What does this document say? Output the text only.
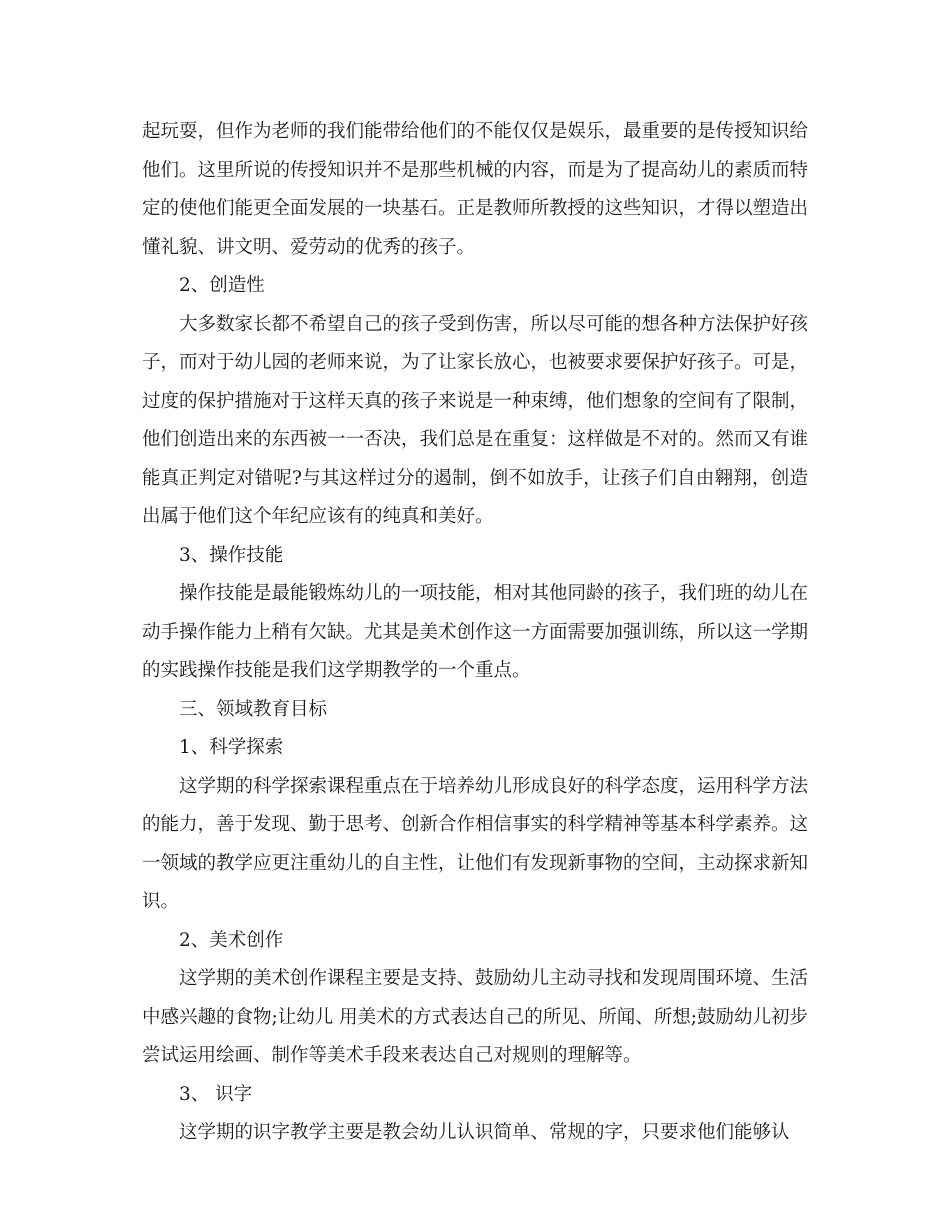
起玩耍，但作为老师的我们能带给他们的不能仅仅是娱乐，最重要的是传授知识给他们。这里所说的传授知识并不是那些机械的内容，而是为了提高幼儿的素质而特定的使他们能更全面发展的一块基石。正是教师所教授的这些知识，才得以塑造出懂礼貌、讲文明、爱劳动的优秀的孩子。

2、创造性

大多数家长都不希望自己的孩子受到伤害，所以尽可能的想各种方法保护好孩子，而对于幼儿园的老师来说，为了让家长放心，也被要求要保护好孩子。可是，过度的保护措施对于这样天真的孩子来说是一种束缚，他们想象的空间有了限制，他们创造出来的东西被一一否决，我们总是在重复：这样做是不对的。然而又有谁能真正判定对错呢?与其这样过分的遏制，倒不如放手，让孩子们自由翱翔，创造出属于他们这个年纪应该有的纯真和美好。

3、操作技能

操作技能是最能锻炼幼儿的一项技能，相对其他同龄的孩子，我们班的幼儿在动手操作能力上稍有欠缺。尤其是美术创作这一方面需要加强训练，所以这一学期的实践操作技能是我们这学期教学的一个重点。

三、领域教育目标

1、科学探索

这学期的科学探索课程重点在于培养幼儿形成良好的科学态度，运用科学方法的能力，善于发现、勤于思考、创新合作相信事实的科学精神等基本科学素养。这一领域的教学应更注重幼儿的自主性，让他们有发现新事物的空间，主动探求新知识。

2、美术创作

这学期的美术创作课程主要是支持、鼓励幼儿主动寻找和发现周围环境、生活中感兴趣的食物;让幼儿 用美术的方式表达自己的所见、所闻、所想;鼓励幼儿初步尝试运用绘画、制作等美术手段来表达自己对规则的理解等。

3、 识字

这学期的识字教学主要是教会幼儿认识简单、常规的字，只要求他们能够认
